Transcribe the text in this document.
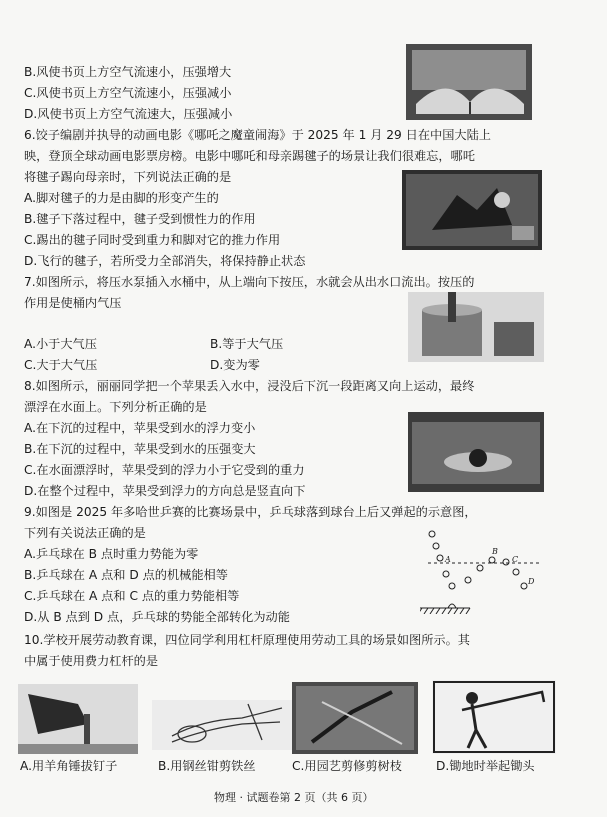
B.风使书页上方空气流速小，压强增大
C.风使书页上方空气流速小，压强减小
D.风使书页上方空气流速大，压强减小
6.饺子编剧并执导的动画电影《哪吒之魔童闹海》于 2025 年 1 月 29 日在中国大陆上
映，登顶全球动画电影票房榜。电影中哪吒和母亲踢毽子的场景让我们很难忘，哪吒
将毽子踢向母亲时，下列说法正确的是
A.脚对毽子的力是由脚的形变产生的
B.毽子下落过程中，毽子受到惯性力的作用
C.踢出的毽子同时受到重力和脚对它的推力作用
D.飞行的毽子，若所受力全部消失，将保持静止状态
7.如图所示，将压水泵插入水桶中，从上端向下按压，水就会从出水口流出。按压的
作用是使桶内气压
A.小于大气压	B.等于大气压
C.大于大气压	D.变为零
8.如图所示，丽丽同学把一个苹果丢入水中，浸没后下沉一段距离又向上运动，最终
漂浮在水面上。下列分析正确的是
A.在下沉的过程中，苹果受到水的浮力变小
B.在下沉的过程中，苹果受到水的压强变大
C.在水面漂浮时，苹果受到的浮力小于它受到的重力
D.在整个过程中，苹果受到浮力的方向总是竖直向下
9.如图是 2025 年多哈世乒赛的比赛场景中，乒乓球落到球台上后又弹起的示意图，
下列有关说法正确的是
A.乒乓球在 B 点时重力势能为零
B.乒乓球在 A 点和 D 点的机械能相等
C.乒乓球在 A 点和 C 点的重力势能相等
D.从 B 点到 D 点，乒乓球的势能全部转化为动能
A
B
C
D
10.学校开展劳动教育课，四位同学利用杠杆原理使用劳动工具的场景如图所示。其
中属于使用费力杠杆的是
A.用羊角锤拔钉子	B.用钢丝钳剪铁丝	C.用园艺剪修剪树枝	D.锄地时举起锄头
物理 · 试题卷第 2 页（共 6 页）
